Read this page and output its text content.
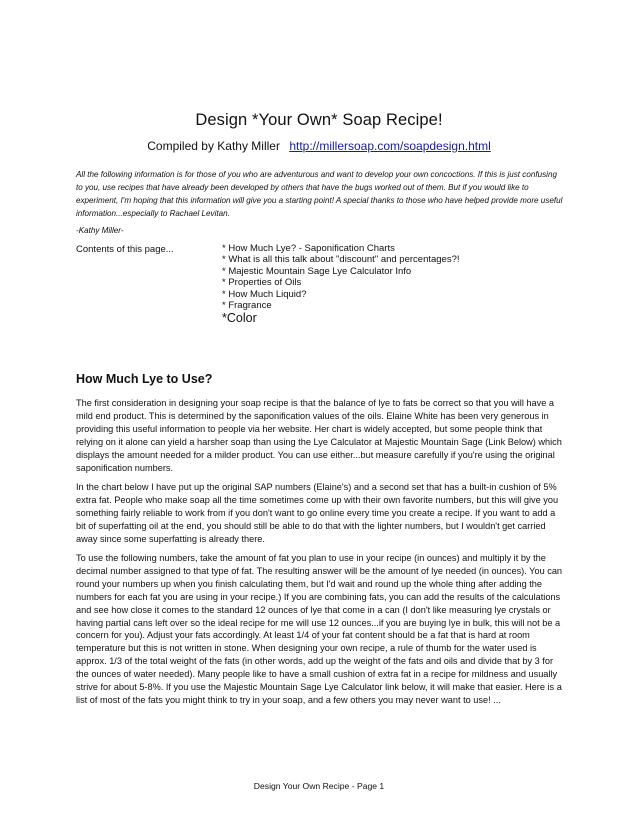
Design *Your Own* Soap Recipe!
Compiled by Kathy Miller http://millersoap.com/soapdesign.html

All the following information is for those of you who are adventurous and want to develop your own concoctions. If this is just confusing to you, use recipes that have already been developed by others that have the bugs worked out of them. But if you would like to experiment, I'm hoping that this information will give you a starting point! A special thanks to those who have helped provide more useful information...especially to Rachael Levitan.

-Kathy Miller-
Contents of this page...	* How Much Lye? - Saponification Charts
* What is all this talk about "discount" and percentages?!
* Majestic Mountain Sage Lye Calculator Info
* Properties of Oils
* How Much Liquid?
* Fragrance
*Color
How Much Lye to Use?

The first consideration in designing your soap recipe is that the balance of lye to fats be correct so that you will have a mild end product. This is determined by the saponification values of the oils. Elaine White has been very generous in providing this useful information to people via her website. Her chart is widely accepted, but some people think that relying on it alone can yield a harsher soap than using the Lye Calculator at Majestic Mountain Sage (Link Below) which displays the amount needed for a milder product. You can use either...but measure carefully if you're using the original saponification numbers.

In the chart below I have put up the original SAP numbers (Elaine's) and a second set that has a built-in cushion of 5% extra fat. People who make soap all the time sometimes come up with their own favorite numbers, but this will give you something fairly reliable to work from if you don't want to go online every time you create a recipe. If you want to add a bit of superfatting oil at the end, you should still be able to do that with the lighter numbers, but I wouldn't get carried away since some superfatting is already there.

To use the following numbers, take the amount of fat you plan to use in your recipe (in ounces) and multiply it by the decimal number assigned to that type of fat. The resulting answer will be the amount of lye needed (in ounces). You can round your numbers up when you finish calculating them, but I'd wait and round up the whole thing after adding the numbers for each fat you are using in your recipe.) If you are combining fats, you can add the results of the calculations and see how close it comes to the standard 12 ounces of lye that come in a can (I don't like measuring lye crystals or having partial cans left over so the ideal recipe for me will use 12 ounces...if you are buying lye in bulk, this will not be a concern for you). Adjust your fats accordingly. At least 1/4 of your fat content should be a fat that is hard at room temperature but this is not written in stone. When designing your own recipe, a rule of thumb for the water used is approx. 1/3 of the total weight of the fats (in other words, add up the weight of the fats and oils and divide that by 3 for the ounces of water needed). Many people like to have a small cushion of extra fat in a recipe for mildness and usually strive for about 5-8%. If you use the Majestic Mountain Sage Lye Calculator link below, it will make that easier. Here is a list of most of the fats you might think to try in your soap, and a few others you may never want to use! ...

Design Your Own Recipe - Page 1
